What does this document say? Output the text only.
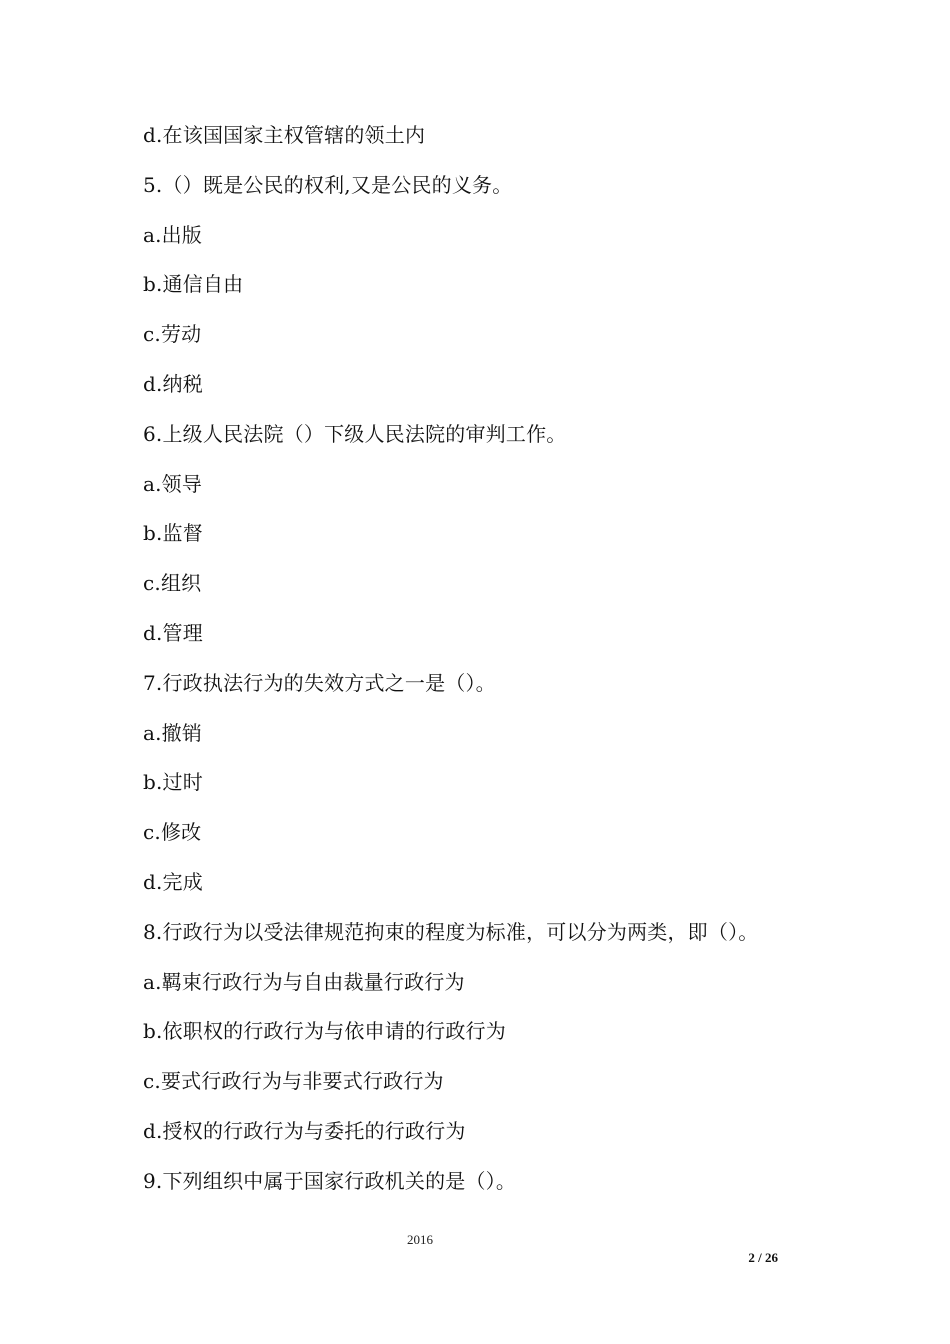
d.在该国国家主权管辖的领土内
5.（）既是公民的权利,又是公民的义务。
a.出版
b.通信自由
c.劳动
d.纳税
6.上级人民法院（）下级人民法院的审判工作。
a.领导
b.监督
c.组织
d.管理
7.行政执法行为的失效方式之一是（）。
a.撤销
b.过时
c.修改
d.完成
8.行政行为以受法律规范拘束的程度为标准，可以分为两类，即（）。
a.羁束行政行为与自由裁量行政行为
b.依职权的行政行为与依申请的行政行为
c.要式行政行为与非要式行政行为
d.授权的行政行为与委托的行政行为
9.下列组织中属于国家行政机关的是（）。
2016
2 / 26
